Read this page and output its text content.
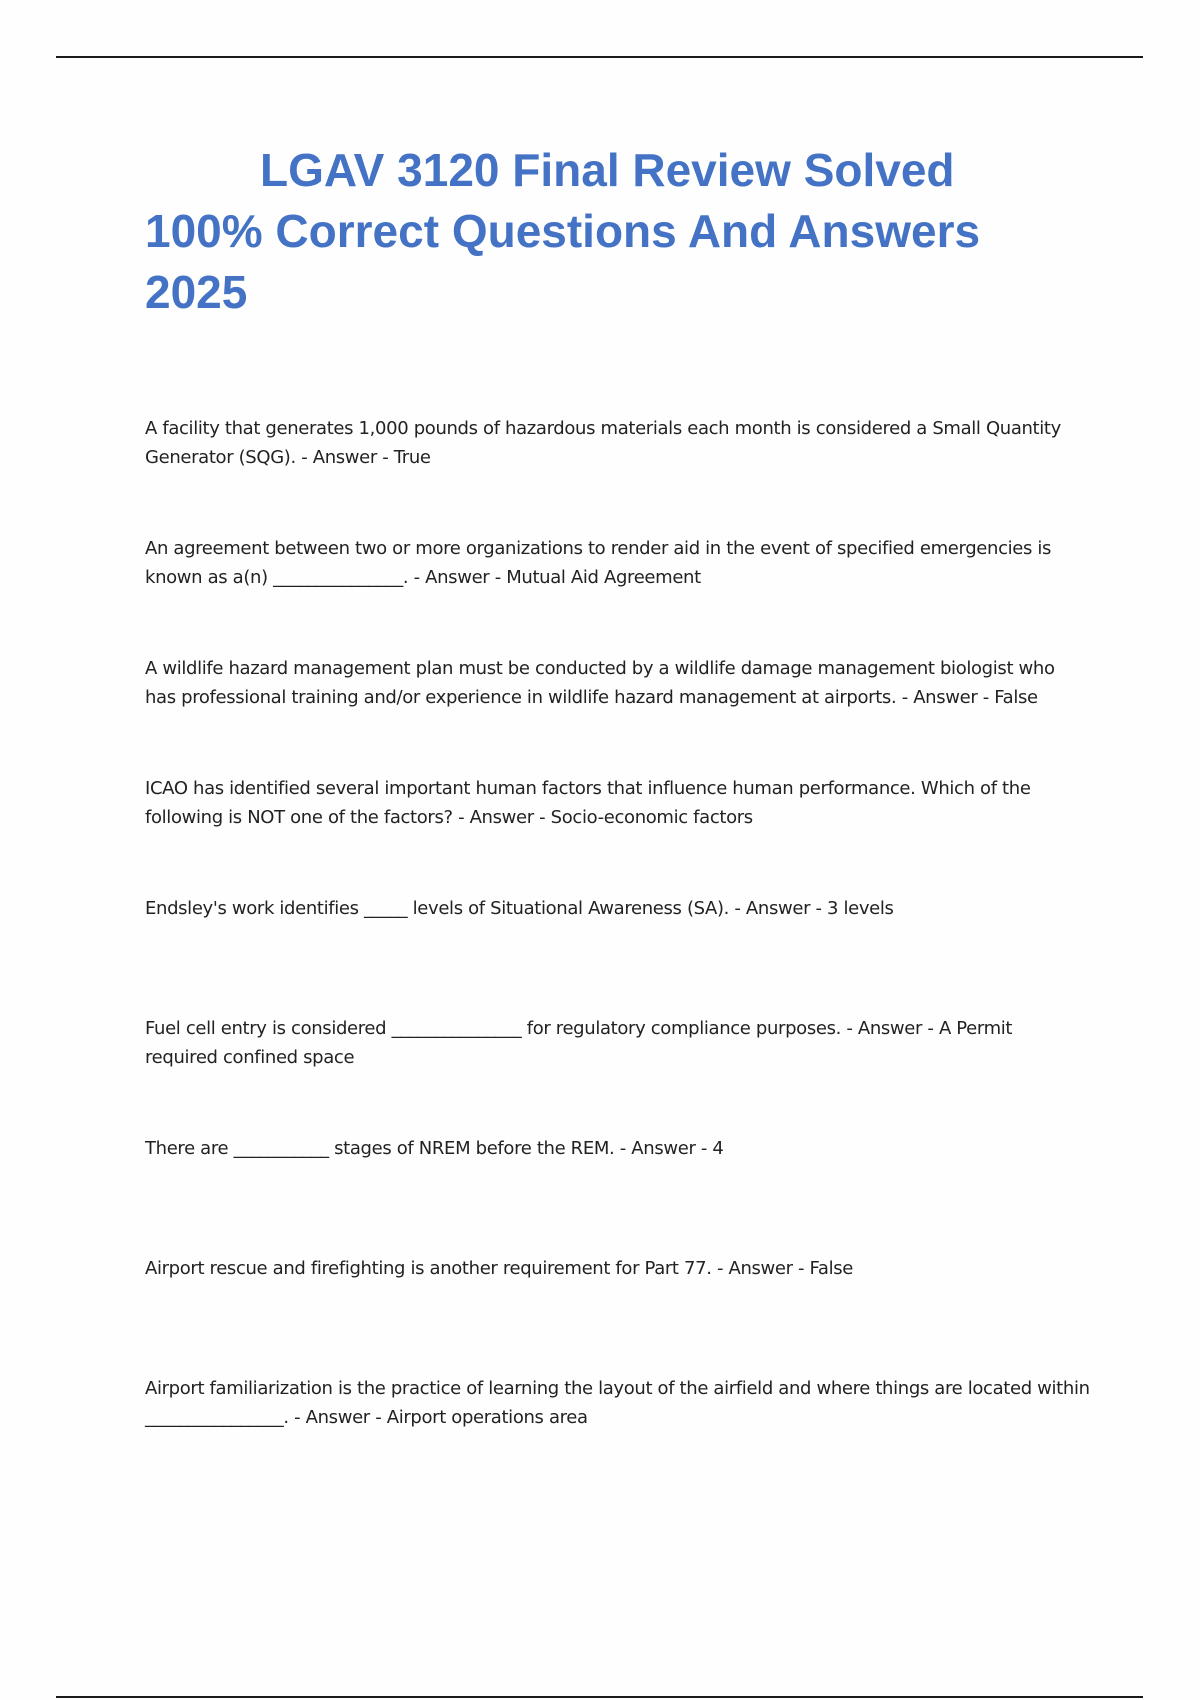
LGAV 3120 Final Review Solved 100% Correct Questions And Answers 2025
A facility that generates 1,000 pounds of hazardous materials each month is considered a Small Quantity Generator (SQG). - Answer - True
An agreement between two or more organizations to render aid in the event of specified emergencies is known as a(n) _______________. - Answer - Mutual Aid Agreement
A wildlife hazard management plan must be conducted by a wildlife damage management biologist who has professional training and/or experience in wildlife hazard management at airports. - Answer - False
ICAO has identified several important human factors that influence human performance. Which of the following is NOT one of the factors? - Answer - Socio-economic factors
Endsley's work identifies _____ levels of Situational Awareness (SA). - Answer - 3 levels
Fuel cell entry is considered _______________ for regulatory compliance purposes. - Answer - A Permit required confined space
There are ___________ stages of NREM before the REM. - Answer - 4
Airport rescue and firefighting is another requirement for Part 77. - Answer - False
Airport familiarization is the practice of learning the layout of the airfield and where things are located within ________________. - Answer - Airport operations area
